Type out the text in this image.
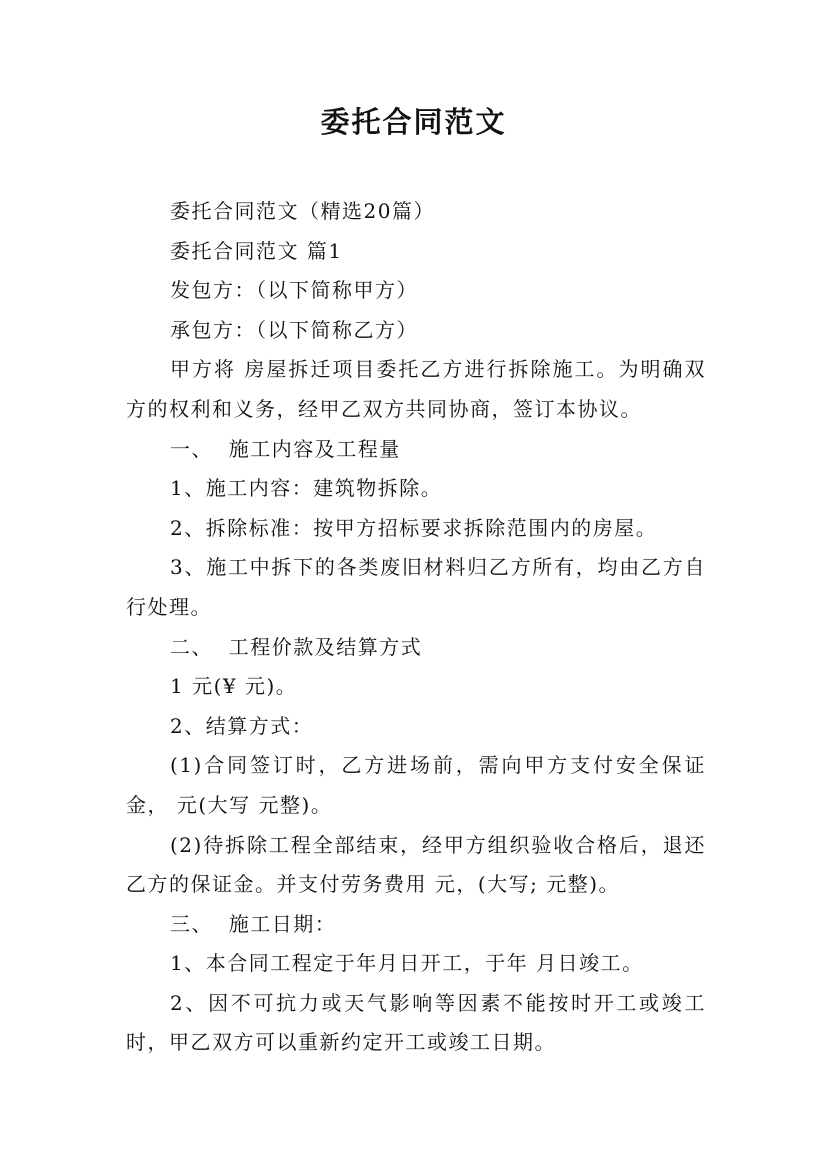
委托合同范文

委托合同范文（精选20篇）

委托合同范文 篇1

发包方：（以下简称甲方）

承包方：（以下简称乙方）

甲方将 房屋拆迁项目委托乙方进行拆除施工。为明确双方的权利和义务，经甲乙双方共同协商，签订本协议。

一、  施工内容及工程量

1、施工内容：建筑物拆除。

2、拆除标准：按甲方招标要求拆除范围内的房屋。

3、施工中拆下的各类废旧材料归乙方所有，均由乙方自行处理。

二、  工程价款及结算方式

1 元(¥ 元)。

2、结算方式：

(1)合同签订时，乙方进场前，需向甲方支付安全保证金， 元(大写 元整)。

(2)待拆除工程全部结束，经甲方组织验收合格后，退还乙方的保证金。并支付劳务费用 元，(大写; 元整)。

三、  施工日期：

1、本合同工程定于年月日开工，于年 月日竣工。

2、因不可抗力或天气影响等因素不能按时开工或竣工时，甲乙双方可以重新约定开工或竣工日期。
